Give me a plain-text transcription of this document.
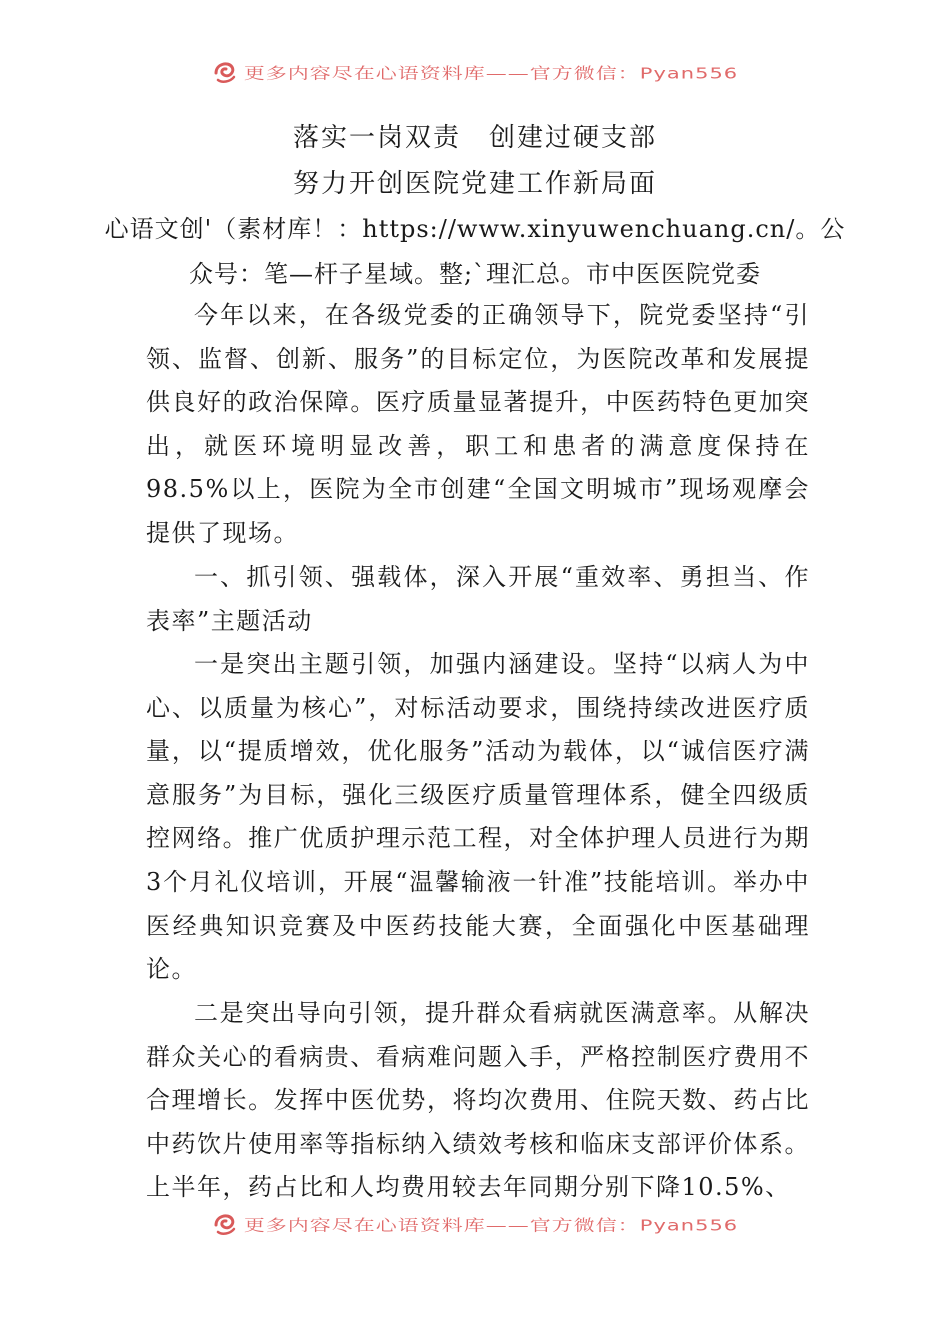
更多内容尽在心语资料库——官方微信：Pyan556
落实一岗双责　创建过硬支部
努力开创医院党建工作新局面
心语文创'（素材库！：https://www.xinyuwenchuang.cn/。公
众号：笔—杆子星域。整;`理汇总。市中医医院党委

今年以来，在各级党委的正确领导下，院党委坚持“引领、监督、创新、服务”的目标定位，为医院改革和发展提供良好的政治保障。医疗质量显著提升，中医药特色更加突出，就医环境明显改善，职工和患者的满意度保持在98.5%以上，医院为全市创建“全国文明城市”现场观摩会提供了现场。

一、抓引领、强载体，深入开展“重效率、勇担当、作表率”主题活动

一是突出主题引领，加强内涵建设。坚持“以病人为中心、以质量为核心”，对标活动要求，围绕持续改进医疗质量，以“提质增效，优化服务”活动为载体，以“诚信医疗满意服务”为目标，强化三级医疗质量管理体系，健全四级质控网络。推广优质护理示范工程，对全体护理人员进行为期3个月礼仪培训，开展“温馨输液一针准”技能培训。举办中医经典知识竞赛及中医药技能大赛，全面强化中医基础理论。

二是突出导向引领，提升群众看病就医满意率。从解决群众关心的看病贵、看病难问题入手，严格控制医疗费用不合理增长。发挥中医优势，将均次费用、住院天数、药占比中药饮片使用率等指标纳入绩效考核和临床支部评价体系。上半年，药占比和人均费用较去年同期分别下降10.5%、

更多内容尽在心语资料库——官方微信：Pyan556
